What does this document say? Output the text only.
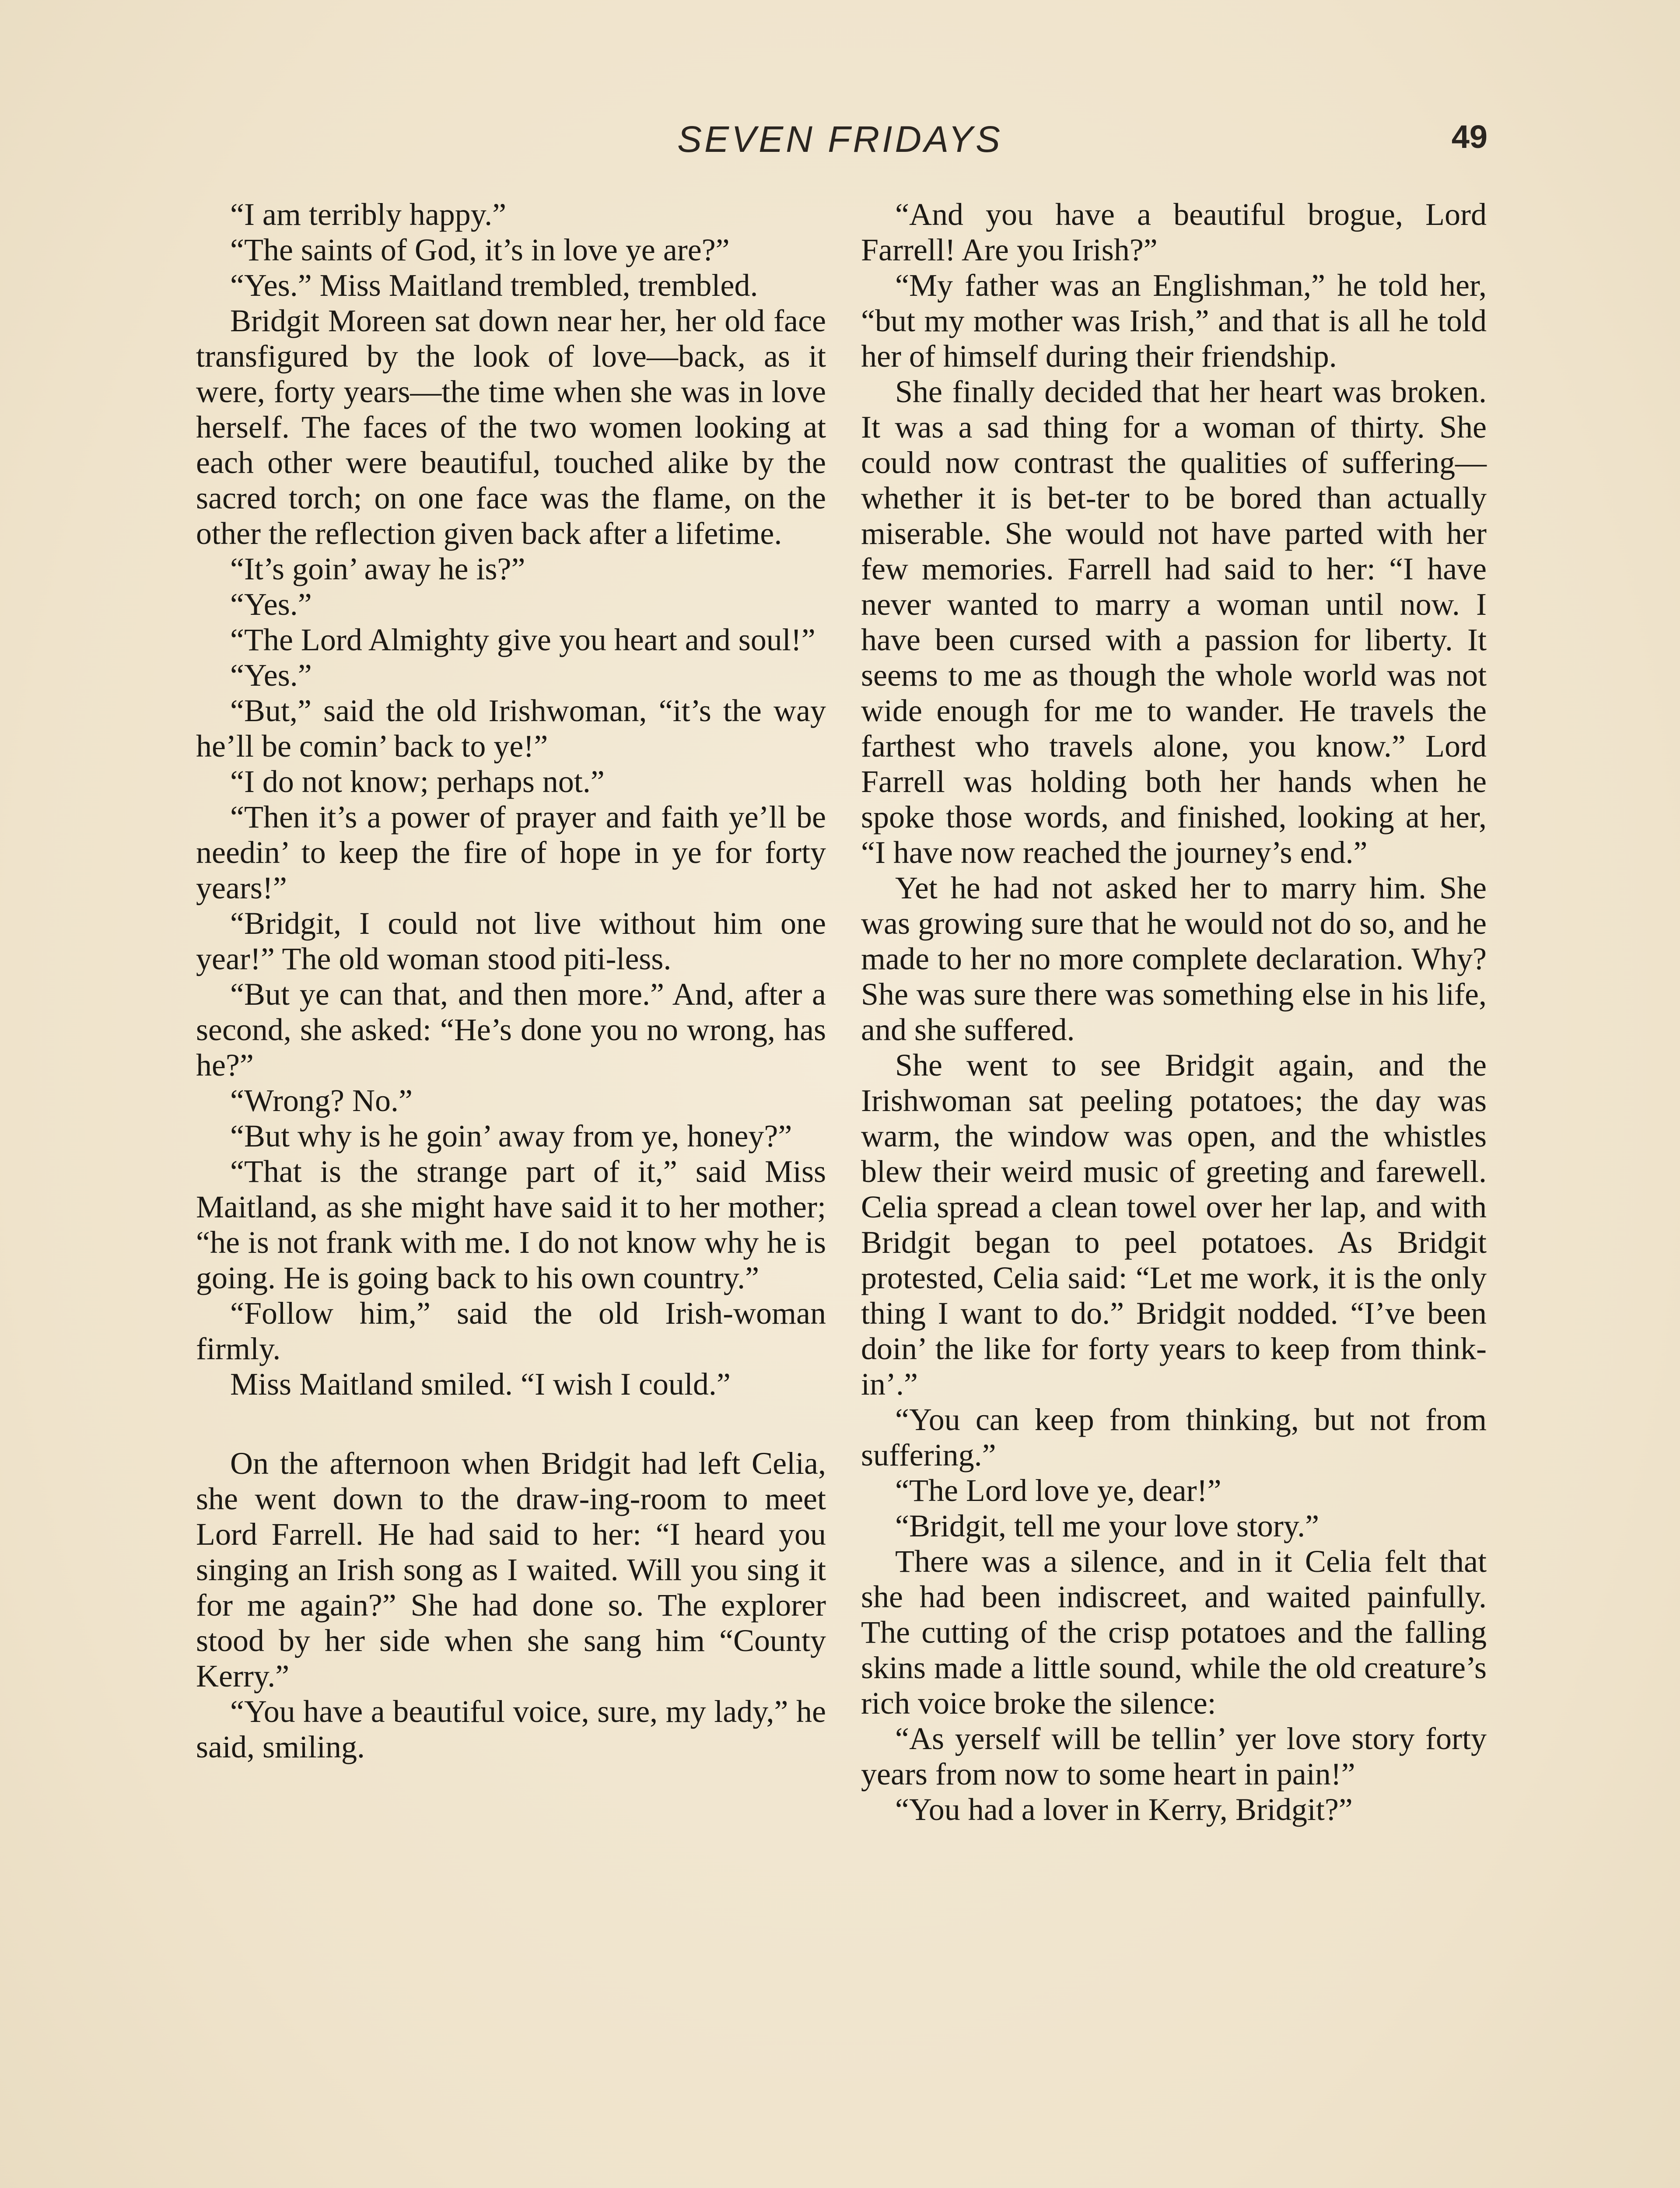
SEVEN FRIDAYS	49

“I am terribly happy.”

“The saints of God, it’s in love ye are?”

“Yes.” Miss Maitland trembled, trembled.

Bridgit Moreen sat down near her, her old face transfigured by the look of love—back, as it were, forty years—the time when she was in love herself. The faces of the two women looking at each other were beautiful, touched alike by the sacred torch; on one face was the flame, on the other the reflection given back after a lifetime.

“It’s goin’ away he is?”

“Yes.”

“The Lord Almighty give you heart and soul!”

“Yes.”

“But,” said the old Irishwoman, “it’s the way he’ll be comin’ back to ye!”

“I do not know; perhaps not.”

“Then it’s a power of prayer and faith ye’ll be needin’ to keep the fire of hope in ye for forty years!”

“Bridgit, I could not live without him one year!” The old woman stood piti-less.

“But ye can that, and then more.” And, after a second, she asked: “He’s done you no wrong, has he?”

“Wrong? No.”

“But why is he goin’ away from ye, honey?”

“That is the strange part of it,” said Miss Maitland, as she might have said it to her mother; “he is not frank with me. I do not know why he is going. He is going back to his own country.”

“Follow him,” said the old Irish-woman firmly.

Miss Maitland smiled. “I wish I could.”

On the afternoon when Bridgit had left Celia, she went down to the draw-ing-room to meet Lord Farrell. He had said to her: “I heard you singing an Irish song as I waited. Will you sing it for me again?” She had done so. The explorer stood by her side when she sang him “County Kerry.”

“You have a beautiful voice, sure, my lady,” he said, smiling.

“And you have a beautiful brogue, Lord Farrell! Are you Irish?”

“My father was an Englishman,” he told her, “but my mother was Irish,” and that is all he told her of himself during their friendship.

She finally decided that her heart was broken. It was a sad thing for a woman of thirty. She could now contrast the qualities of suffering—whether it is bet-ter to be bored than actually miserable. She would not have parted with her few memories. Farrell had said to her: “I have never wanted to marry a woman until now. I have been cursed with a passion for liberty. It seems to me as though the whole world was not wide enough for me to wander. He travels the farthest who travels alone, you know.” Lord Farrell was holding both her hands when he spoke those words, and finished, looking at her, “I have now reached the journey’s end.”

Yet he had not asked her to marry him. She was growing sure that he would not do so, and he made to her no more complete declaration. Why? She was sure there was something else in his life, and she suffered.

She went to see Bridgit again, and the Irishwoman sat peeling potatoes; the day was warm, the window was open, and the whistles blew their weird music of greeting and farewell. Celia spread a clean towel over her lap, and with Bridgit began to peel potatoes. As Bridgit protested, Celia said: “Let me work, it is the only thing I want to do.” Bridgit nodded. “I’ve been doin’ the like for forty years to keep from think-in’.”

“You can keep from thinking, but not from suffering.”

“The Lord love ye, dear!”

“Bridgit, tell me your love story.”

There was a silence, and in it Celia felt that she had been indiscreet, and waited painfully. The cutting of the crisp potatoes and the falling skins made a little sound, while the old creature’s rich voice broke the silence:

“As yerself will be tellin’ yer love story forty years from now to some heart in pain!”

“You had a lover in Kerry, Bridgit?”
